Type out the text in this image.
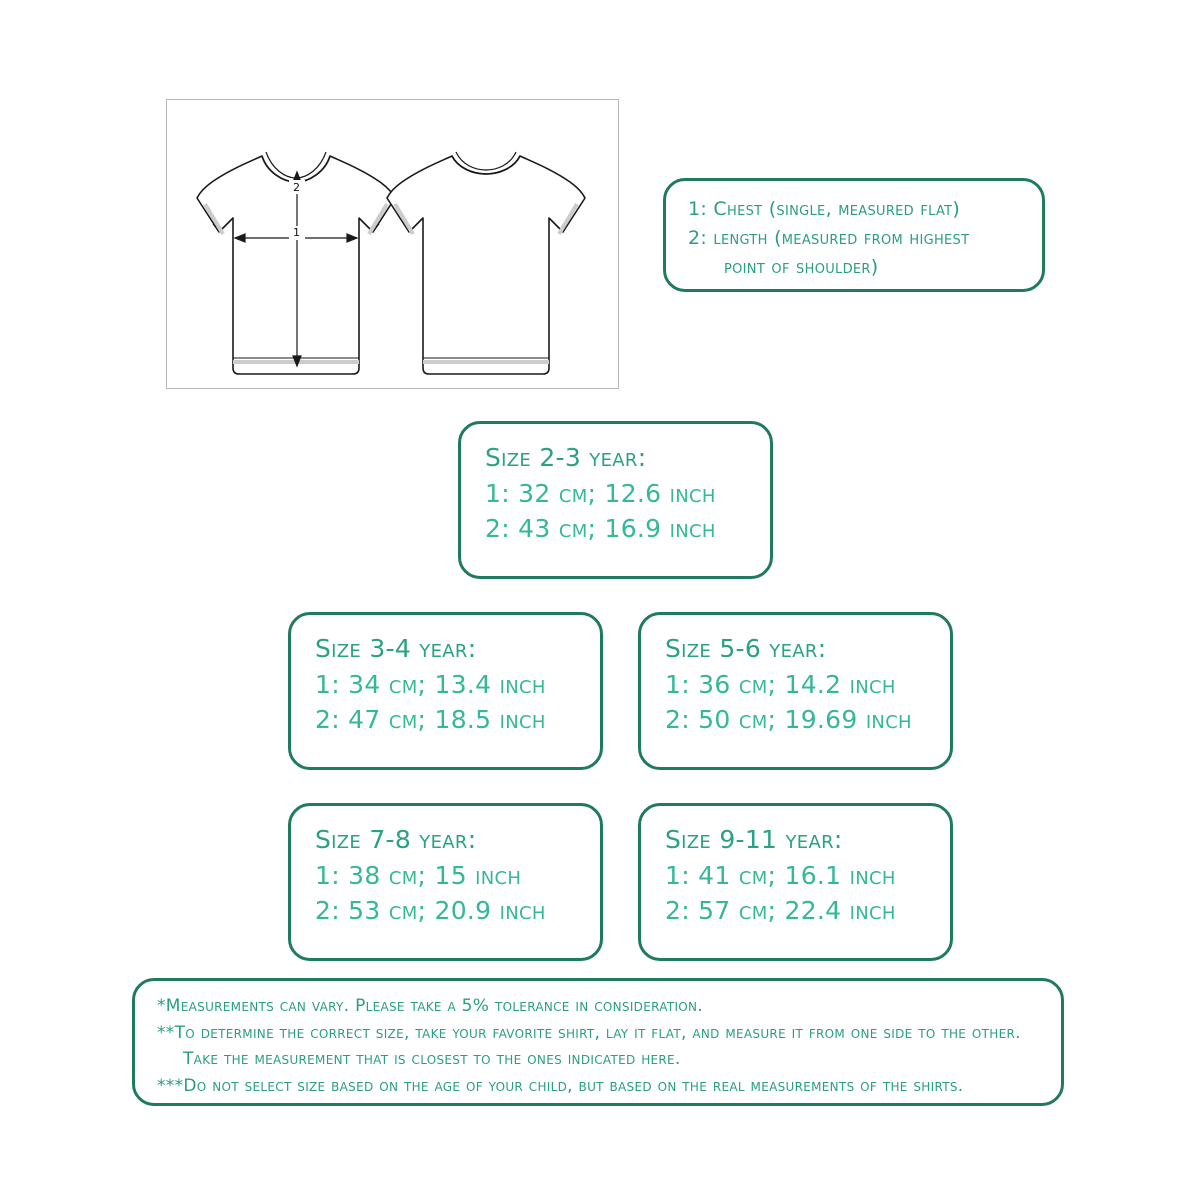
1
2
1: Chest (single, measured flat)
2: length (measured from highest
point of shoulder)
Size 2-3 year:
1: 32 cm; 12.6 inch
2: 43 cm; 16.9 inch
Size 3-4 year:
1: 34 cm; 13.4 inch
2: 47 cm; 18.5 inch
Size 5-6 year:
1: 36 cm; 14.2 inch
2: 50 cm; 19.69 inch
Size 7-8 year:
1: 38 cm; 15 inch
2: 53 cm; 20.9 inch
Size 9-11 year:
1: 41 cm; 16.1 inch
2: 57 cm; 22.4 inch
*Measurements can vary. Please take a 5% tolerance in consideration.
**To determine the correct size, take your favorite shirt, lay it flat, and measure it from one side to the other.
Take the measurement that is closest to the ones indicated here.
***Do not select size based on the age of your child, but based on the real measurements of the shirts.
